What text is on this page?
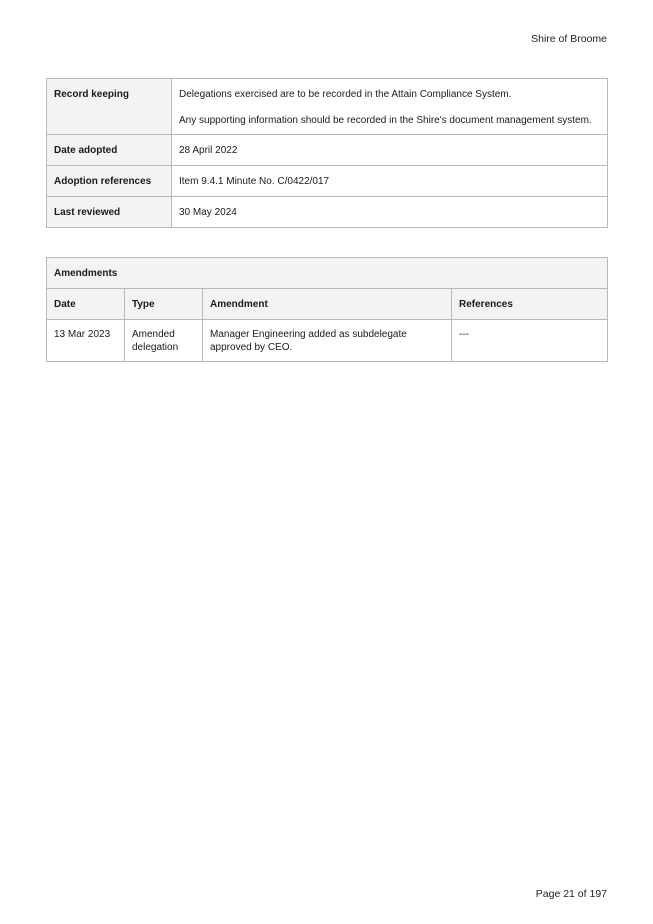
Shire of Broome
Record keeping	Delegations exercised are to be recorded in the Attain Compliance System.
Any supporting information should be recorded in the Shire's document management system.

Date adopted	28 April 2022
Adoption references	Item 9.4.1 Minute No. C/0422/017
Last reviewed	30 May 2024
Amendments			
Date	Type	Amendment	References
13 Mar 2023	Amended delegation	Manager Engineering added as subdelegate approved by CEO.	---
Page 21 of 197
